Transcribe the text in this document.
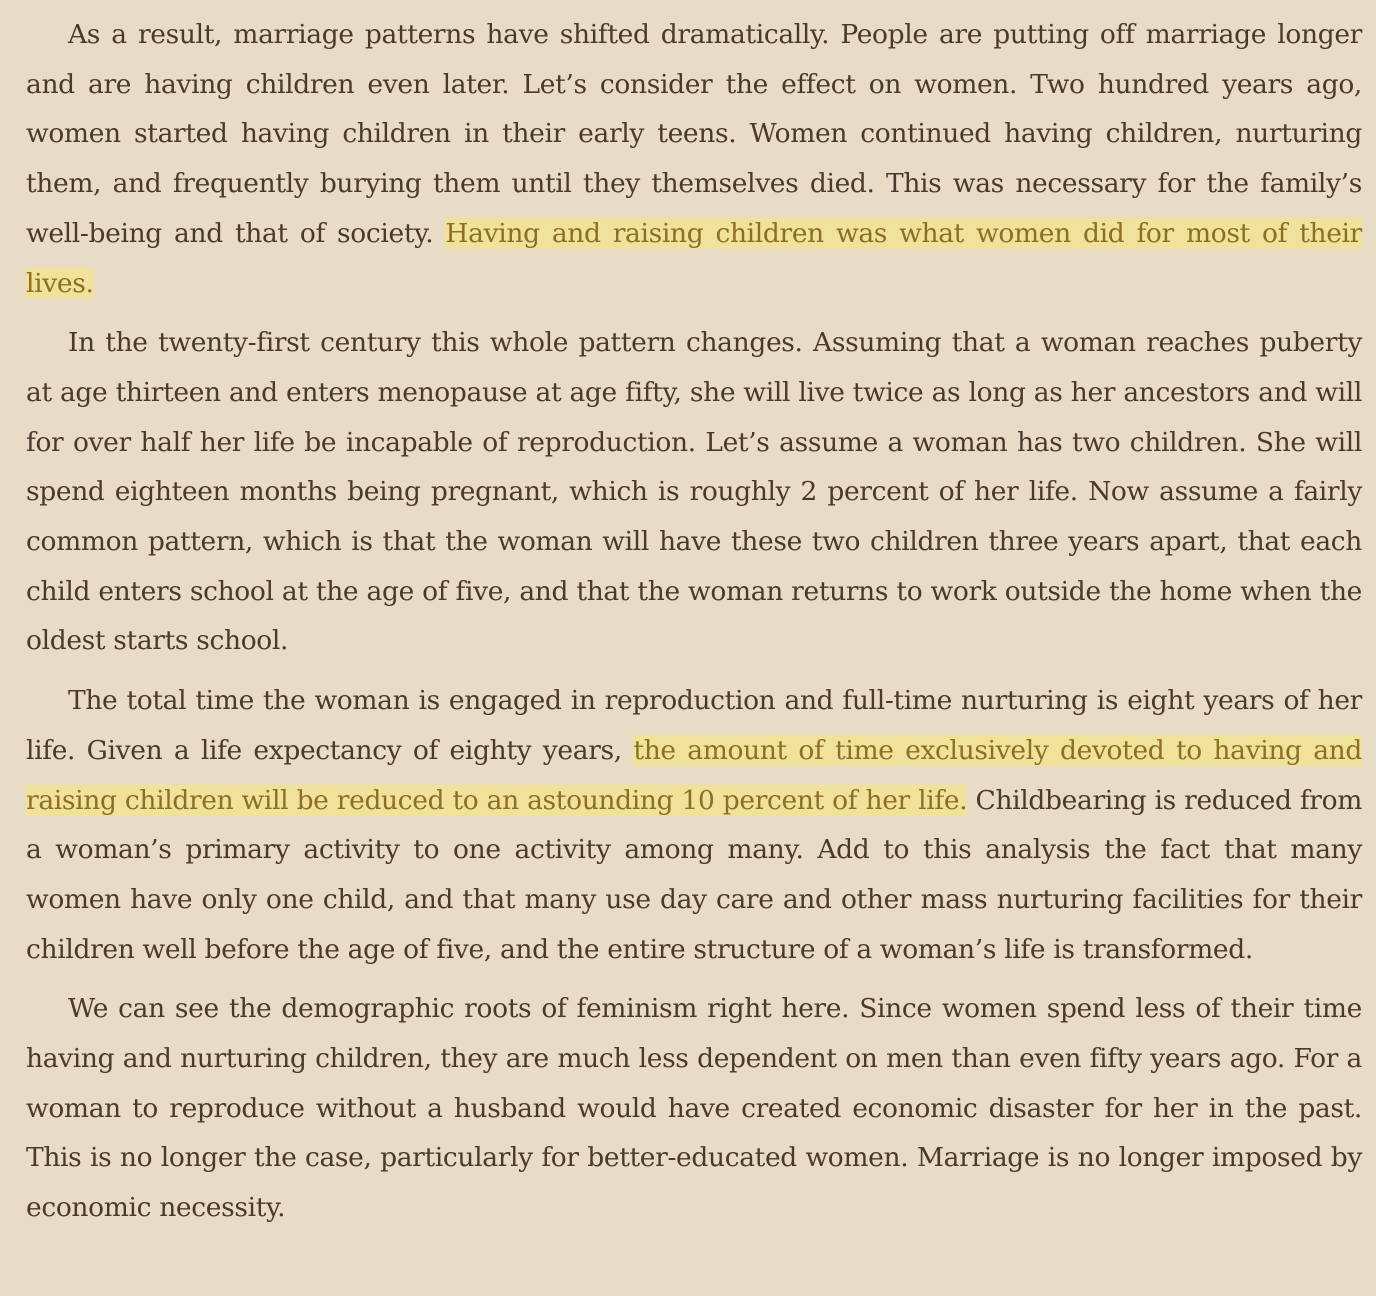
As a result, marriage patterns have shifted dramatically. People are putting off marriage longer and are having children even later. Let’s consider the effect on women. Two hundred years ago, women started having children in their early teens. Women continued having children, nurturing them, and frequently burying them until they themselves died. This was necessary for the family’s well-being and that of society. Having and raising children was what women did for most of their lives.

In the twenty-first century this whole pattern changes. Assuming that a woman reaches puberty at age thirteen and enters menopause at age fifty, she will live twice as long as her ancestors and will for over half her life be incapable of reproduction. Let’s assume a woman has two children. She will spend eighteen months being pregnant, which is roughly 2 percent of her life. Now assume a fairly common pattern, which is that the woman will have these two children three years apart, that each child enters school at the age of five, and that the woman returns to work outside the home when the oldest starts school.

The total time the woman is engaged in reproduction and full-time nurturing is eight years of her life. Given a life expectancy of eighty years, the amount of time exclusively devoted to having and raising children will be reduced to an astounding 10 percent of her life. Childbearing is reduced from a woman’s primary activity to one activity among many. Add to this analysis the fact that many women have only one child, and that many use day care and other mass nurturing facilities for their children well before the age of five, and the entire structure of a woman’s life is transformed.

We can see the demographic roots of feminism right here. Since women spend less of their time having and nurturing children, they are much less dependent on men than even fifty years ago. For a woman to reproduce without a husband would have created economic disaster for her in the past. This is no longer the case, particularly for better-educated women. Marriage is no longer imposed by economic necessity.
